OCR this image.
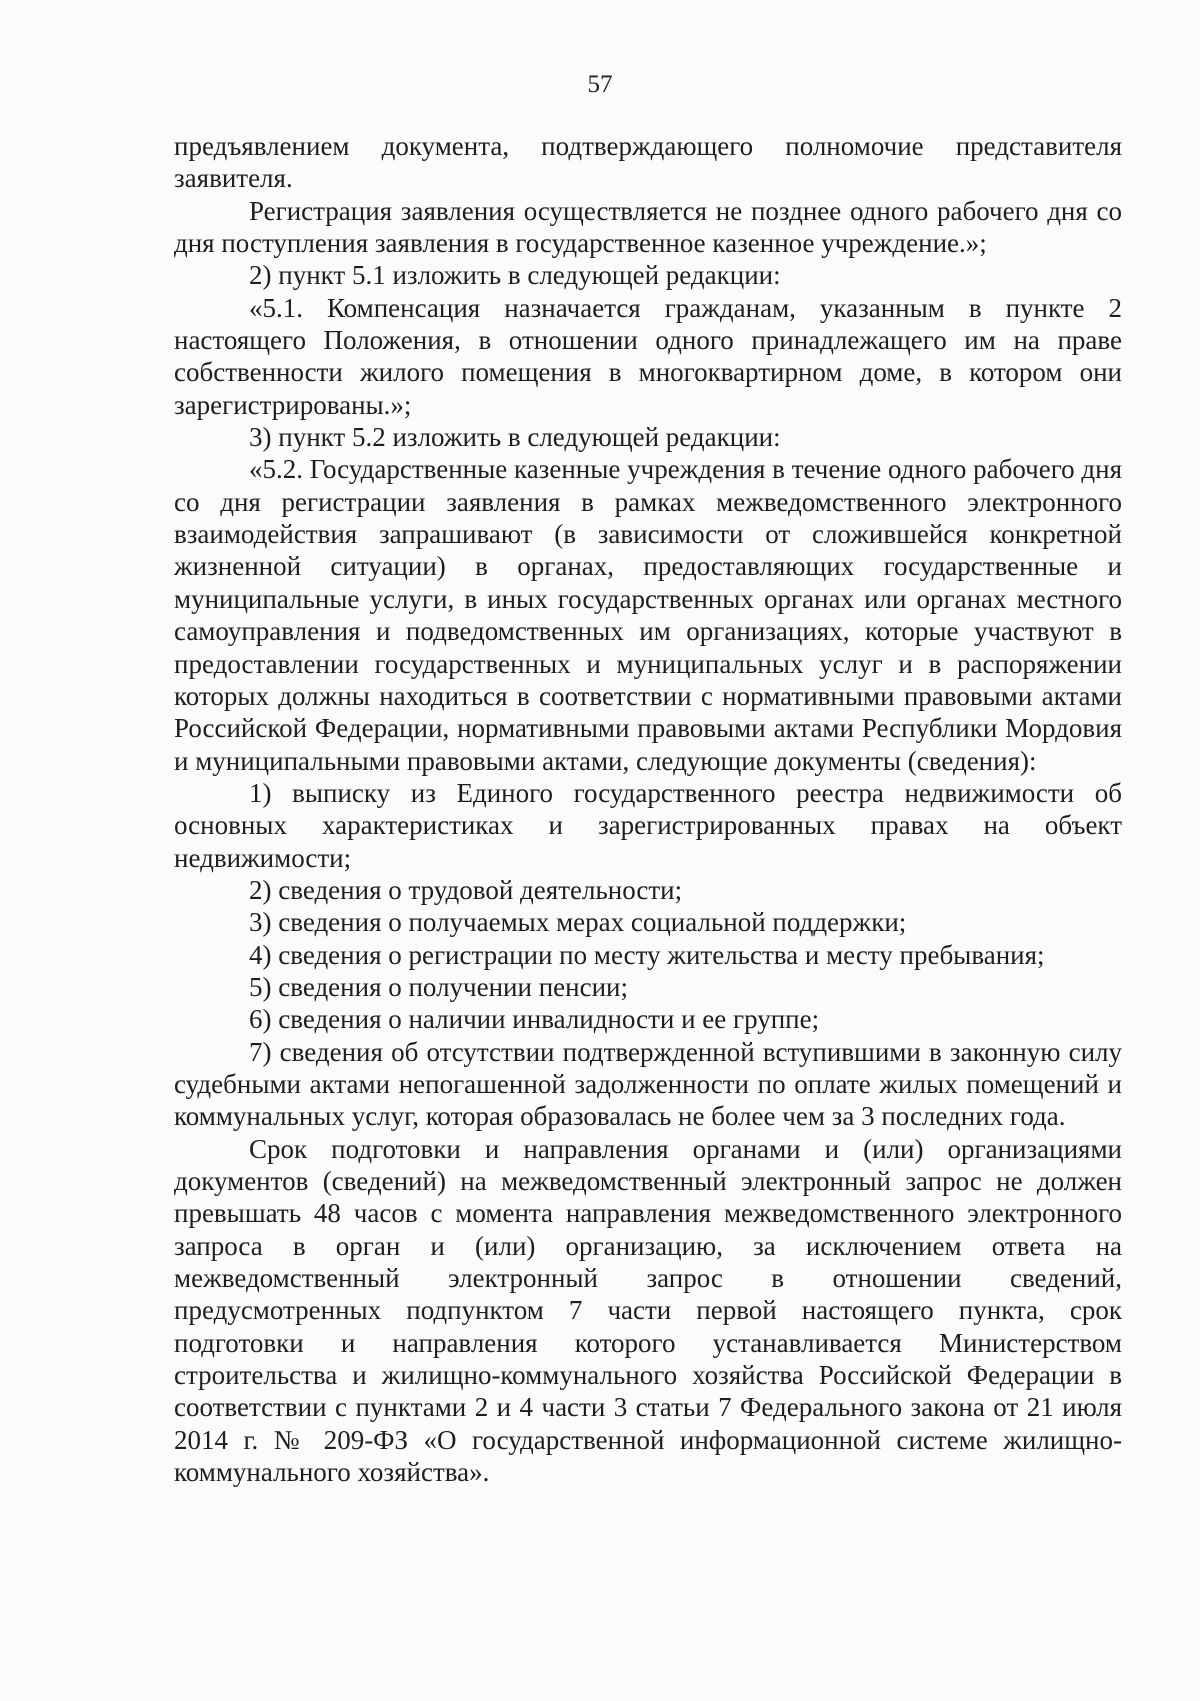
57

предъявлением документа, подтверждающего полномочие представителя заявителя.

Регистрация заявления осуществляется не позднее одного рабочего дня со дня поступления заявления в государственное казенное учреждение.»;

2) пункт 5.1 изложить в следующей редакции:

«5.1. Компенсация назначается гражданам, указанным в пункте 2 настоящего Положения, в отношении одного принадлежащего им на праве собственности жилого помещения в многоквартирном доме, в котором они зарегистрированы.»;

3) пункт 5.2 изложить в следующей редакции:

«5.2. Государственные казенные учреждения в течение одного рабочего дня со дня регистрации заявления в рамках межведомственного электронного взаимодействия запрашивают (в зависимости от сложившейся конкретной жизненной ситуации) в органах, предоставляющих государственные и муниципальные услуги, в иных государственных органах или органах местного самоуправления и подведомственных им организациях, которые участвуют в предоставлении государственных и муниципальных услуг и в распоряжении которых должны находиться в соответствии с нормативными правовыми актами Российской Федерации, нормативными правовыми актами Республики Мордовия и муниципальными правовыми актами, следующие документы (сведения):

1) выписку из Единого государственного реестра недвижимости об основных характеристиках и зарегистрированных правах на объект недвижимости;

2) сведения о трудовой деятельности;

3) сведения о получаемых мерах социальной поддержки;

4) сведения о регистрации по месту жительства и месту пребывания;

5) сведения о получении пенсии;

6) сведения о наличии инвалидности и ее группе;

7) сведения об отсутствии подтвержденной вступившими в законную силу судебными актами непогашенной задолженности по оплате жилых помещений и коммунальных услуг, которая образовалась не более чем за 3 последних года.

Срок подготовки и направления органами и (или) организациями документов (сведений) на межведомственный электронный запрос не должен превышать 48 часов с момента направления межведомственного электронного запроса в орган и (или) организацию, за исключением ответа на межведомственный электронный запрос в отношении сведений, предусмотренных подпунктом 7 части первой настоящего пункта, срок подготовки и направления которого устанавливается Министерством строительства и жилищно-коммунального хозяйства Российской Федерации в соответствии с пунктами 2 и 4 части 3 статьи 7 Федерального закона от 21 июля 2014 г. № 209-ФЗ «О государственной информационной системе жилищно-коммунального хозяйства».
